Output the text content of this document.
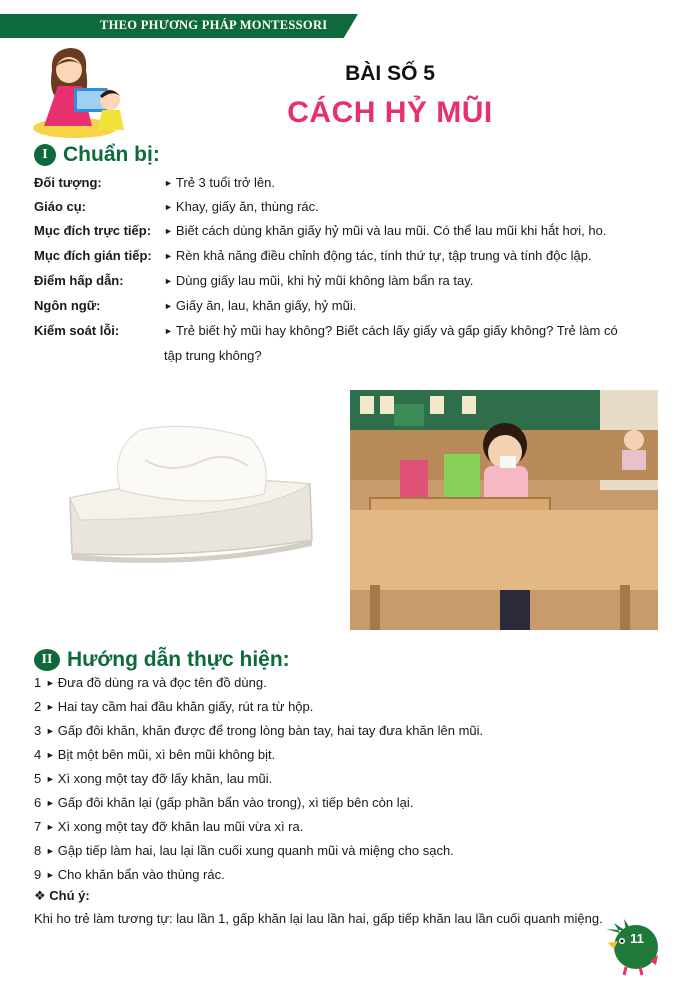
THEO PHƯƠNG PHÁP MONTESSORI
BÀI SỐ 5
CÁCH HỶ MŨI
I Chuẩn bị:
Đối tượng:	► Trẻ 3 tuổi trở lên.
Giáo cụ:	► Khay, giấy ăn, thùng rác.
Mục đích trực tiếp:	► Biết cách dùng khăn giấy hỷ mũi và lau mũi. Có thể lau mũi khi hắt hơi, ho.
Mục đích gián tiếp:	► Rèn khả năng điều chỉnh động tác, tính thứ tự, tập trung và tính độc lập.
Điểm hấp dẫn:	► Dùng giấy lau mũi, khi hỷ mũi không làm bẩn ra tay.
Ngôn ngữ:	► Giấy ăn, lau, khăn giấy, hỷ mũi.
Kiểm soát lỗi:	► Trẻ biết hỷ mũi hay không? Biết cách lấy giấy và gấp giấy không? Trẻ làm có
tập trung không?
II Hướng dẫn thực hiện:
1 ► Đưa đồ dùng ra và đọc tên đồ dùng.
2 ► Hai tay cầm hai đầu khăn giấy, rút ra từ hộp.
3 ► Gấp đôi khăn, khăn được để trong lòng bàn tay, hai tay đưa khăn lên mũi.
4 ► Bịt một bên mũi, xì bên mũi không bịt.
5 ► Xì xong một tay đỡ lấy khăn, lau mũi.
6 ► Gấp đôi khăn lại (gấp phần bẩn vào trong), xì tiếp bên còn lại.
7 ► Xì xong một tay đỡ khăn lau mũi vừa xì ra.
8 ► Gập tiếp làm hai, lau lại lần cuối xung quanh mũi và miệng cho sạch.
9 ► Cho khăn bẩn vào thùng rác.
❖ Chú ý:
Khi ho trẻ làm tương tự: lau lần 1, gấp khăn lại lau lần hai, gấp tiếp khăn lau lần cuối quanh miệng.
11
